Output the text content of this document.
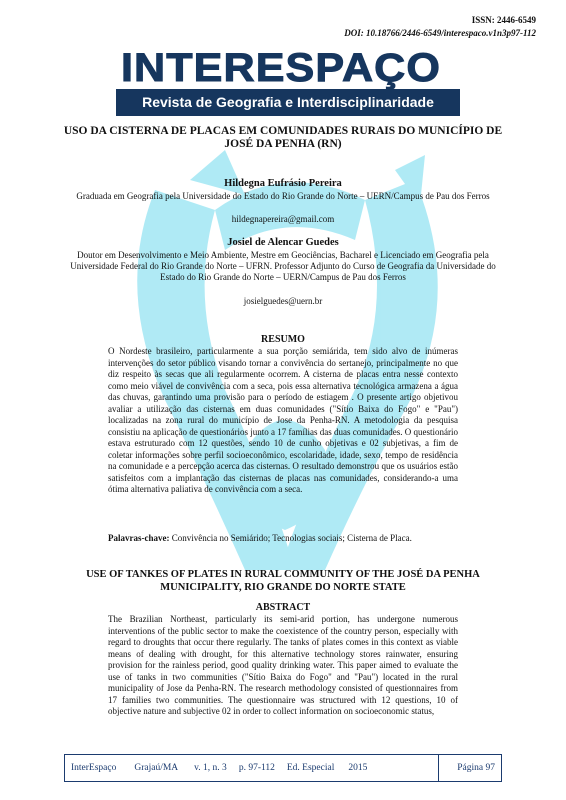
ISSN: 2446-6549
DOI: 10.18766/2446-6549/interespaco.v1n3p97-112
INTERESPAÇO
Revista de Geografia e Interdisciplinaridade
USO DA CISTERNA DE PLACAS EM COMUNIDADES RURAIS DO MUNICÍPIO DE JOSÉ DA PENHA (RN)
Hildegna Eufrásio Pereira
Graduada em Geografia pela Universidade do Estado do Rio Grande do Norte – UERN/Campus de Pau dos Ferros
hildegnapereira@gmail.com
Josiel de Alencar Guedes
Doutor em Desenvolvimento e Meio Ambiente, Mestre em Geociências, Bacharel e Licenciado em Geografia pela Universidade Federal do Rio Grande do Norte – UFRN. Professor Adjunto do Curso de Geografia da Universidade do Estado do Rio Grande do Norte – UERN/Campus de Pau dos Ferros
josielguedes@uern.br
RESUMO
O Nordeste brasileiro, particularmente a sua porção semiárida, tem sido alvo de inúmeras intervenções do setor público visando tornar a convivência do sertanejo, principalmente no que diz respeito às secas que ali regularmente ocorrem. A cisterna de placas entra nesse contexto como meio viável de convivência com a seca, pois essa alternativa tecnológica armazena a água das chuvas, garantindo uma provisão para o período de estiagem . O presente artigo objetivou avaliar a utilização das cisternas em duas comunidades ("Sítio Baixa do Fogo" e "Pau") localizadas na zona rural do município de Jose da Penha-RN. A metodologia da pesquisa consistiu na aplicação de questionários junto a 17 famílias das duas comunidades. O questionário estava estruturado com 12 questões, sendo 10 de cunho objetivas e 02 subjetivas, a fim de coletar informações sobre perfil socioeconômico, escolaridade, idade, sexo, tempo de residência na comunidade e a percepção acerca das cisternas. O resultado demonstrou que os usuários estão satisfeitos com a implantação das cisternas de placas nas comunidades, considerando-a uma ótima alternativa paliativa de convivência com a seca.
Palavras-chave: Convivência no Semiárido; Tecnologias sociais; Cisterna de Placa.
USE OF TANKES OF PLATES IN RURAL COMMUNITY OF THE JOSÉ DA PENHA MUNICIPALITY, RIO GRANDE DO NORTE STATE
ABSTRACT
The Brazilian Northeast, particularly its semi-arid portion, has undergone numerous interventions of the public sector to make the coexistence of the country person, especially with regard to droughts that occur there regularly. The tanks of plates comes in this context as viable means of dealing with drought, for this alternative technology stores rainwater, ensuring provision for the rainless period, good quality drinking water. This paper aimed to evaluate the use of tanks in two communities ("Sítio Baixa do Fogo" and "Pau") located in the rural municipality of Jose da Penha-RN. The research methodology consisted of questionnaires from 17 families two communities. The questionnaire was structured with 12 questions, 10 of objective nature and subjective 02 in order to collect information on socioeconomic status,
InterEspaço Grajaú/MA v. 1, n. 3 p. 97-112 Ed. Especial 2015	Página 97
